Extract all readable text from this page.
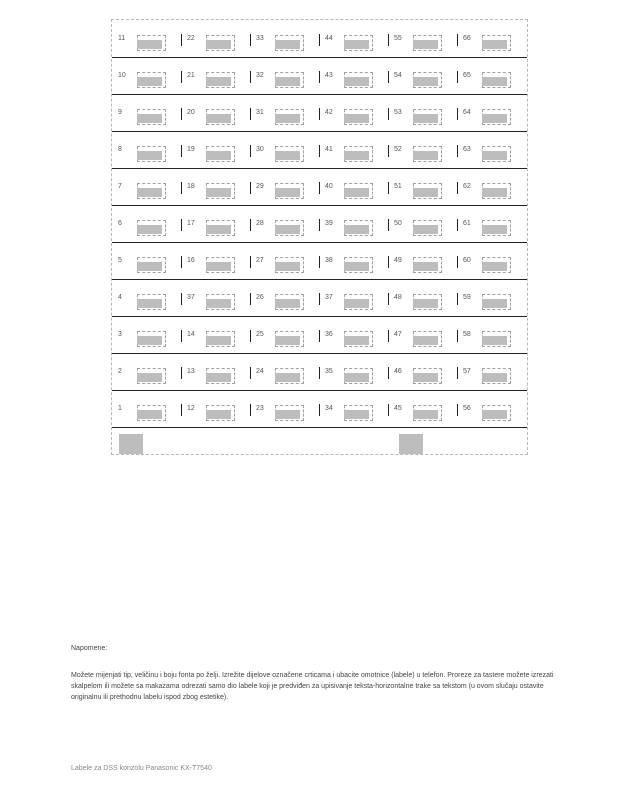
11	22	33	44	55	66
10	21	32	43	54	65
9	20	31	42	53	64
8	19	30	41	52	63
7	18	29	40	51	62
6	17	28	39	50	61
5	16	27	38	49	60
4	37	26	37	48	59
3	14	25	36	47	58
2	13	24	35	46	57
1	12	23	34	45	56
Napomene:
Možete mijenjati tip, veličinu i boju fonta po želji. Izrežite dijelove označene crticama i ubacite omotnice (labele) u telefon. Proreze za tastere možete izrezati skalpelom ili možete sa makazama odrezati samo dio labele koji je predviđen za upisivanje teksta-horizontalne trake sa tekstom (u ovom slučaju ostavite originalnu ili prethodnu labelu ispod zbog estetike).
Labele za DSS konzolu Panasonic KX-T7540
